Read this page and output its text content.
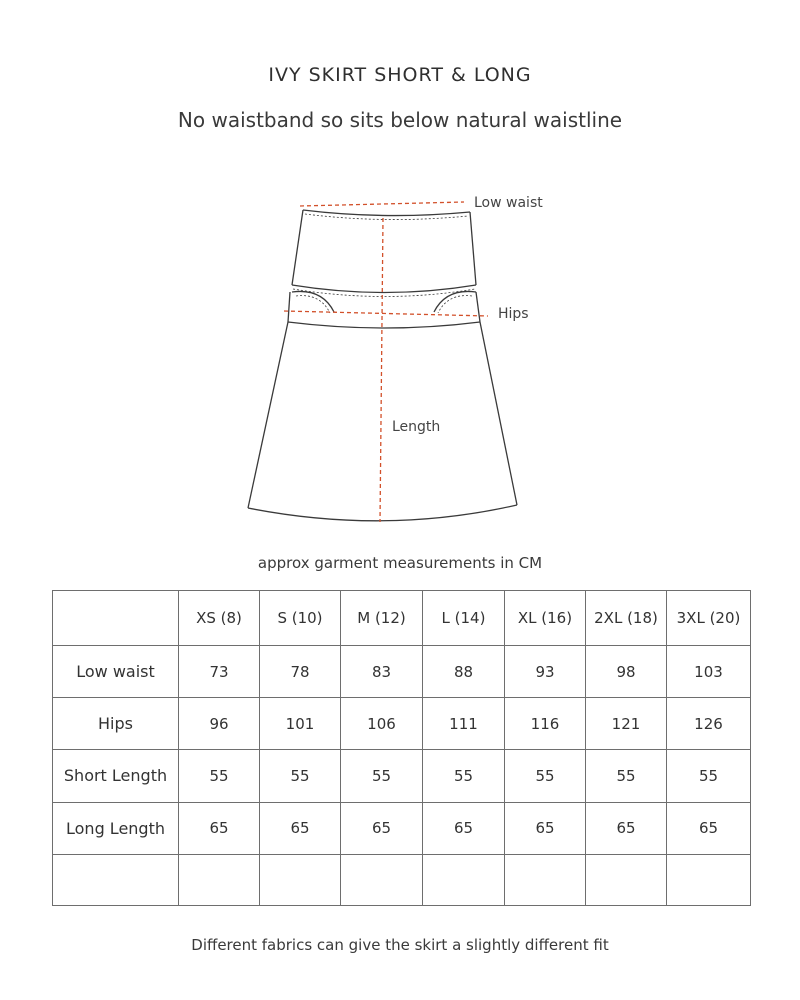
IVY SKIRT SHORT & LONG
No waistband so sits below natural waistline
Low waist
Hips
Length
approx garment measurements in CM
	XS (8)	S (10)	M (12)	L (14)	XL (16)	2XL (18)	3XL (20)
Low waist	73	78	83	88	93	98	103
Hips	96	101	106	111	116	121	126
Short Length	55	55	55	55	55	55	55
Long Length	65	65	65	65	65	65	65

Different fabrics can give the skirt a slightly different fit
